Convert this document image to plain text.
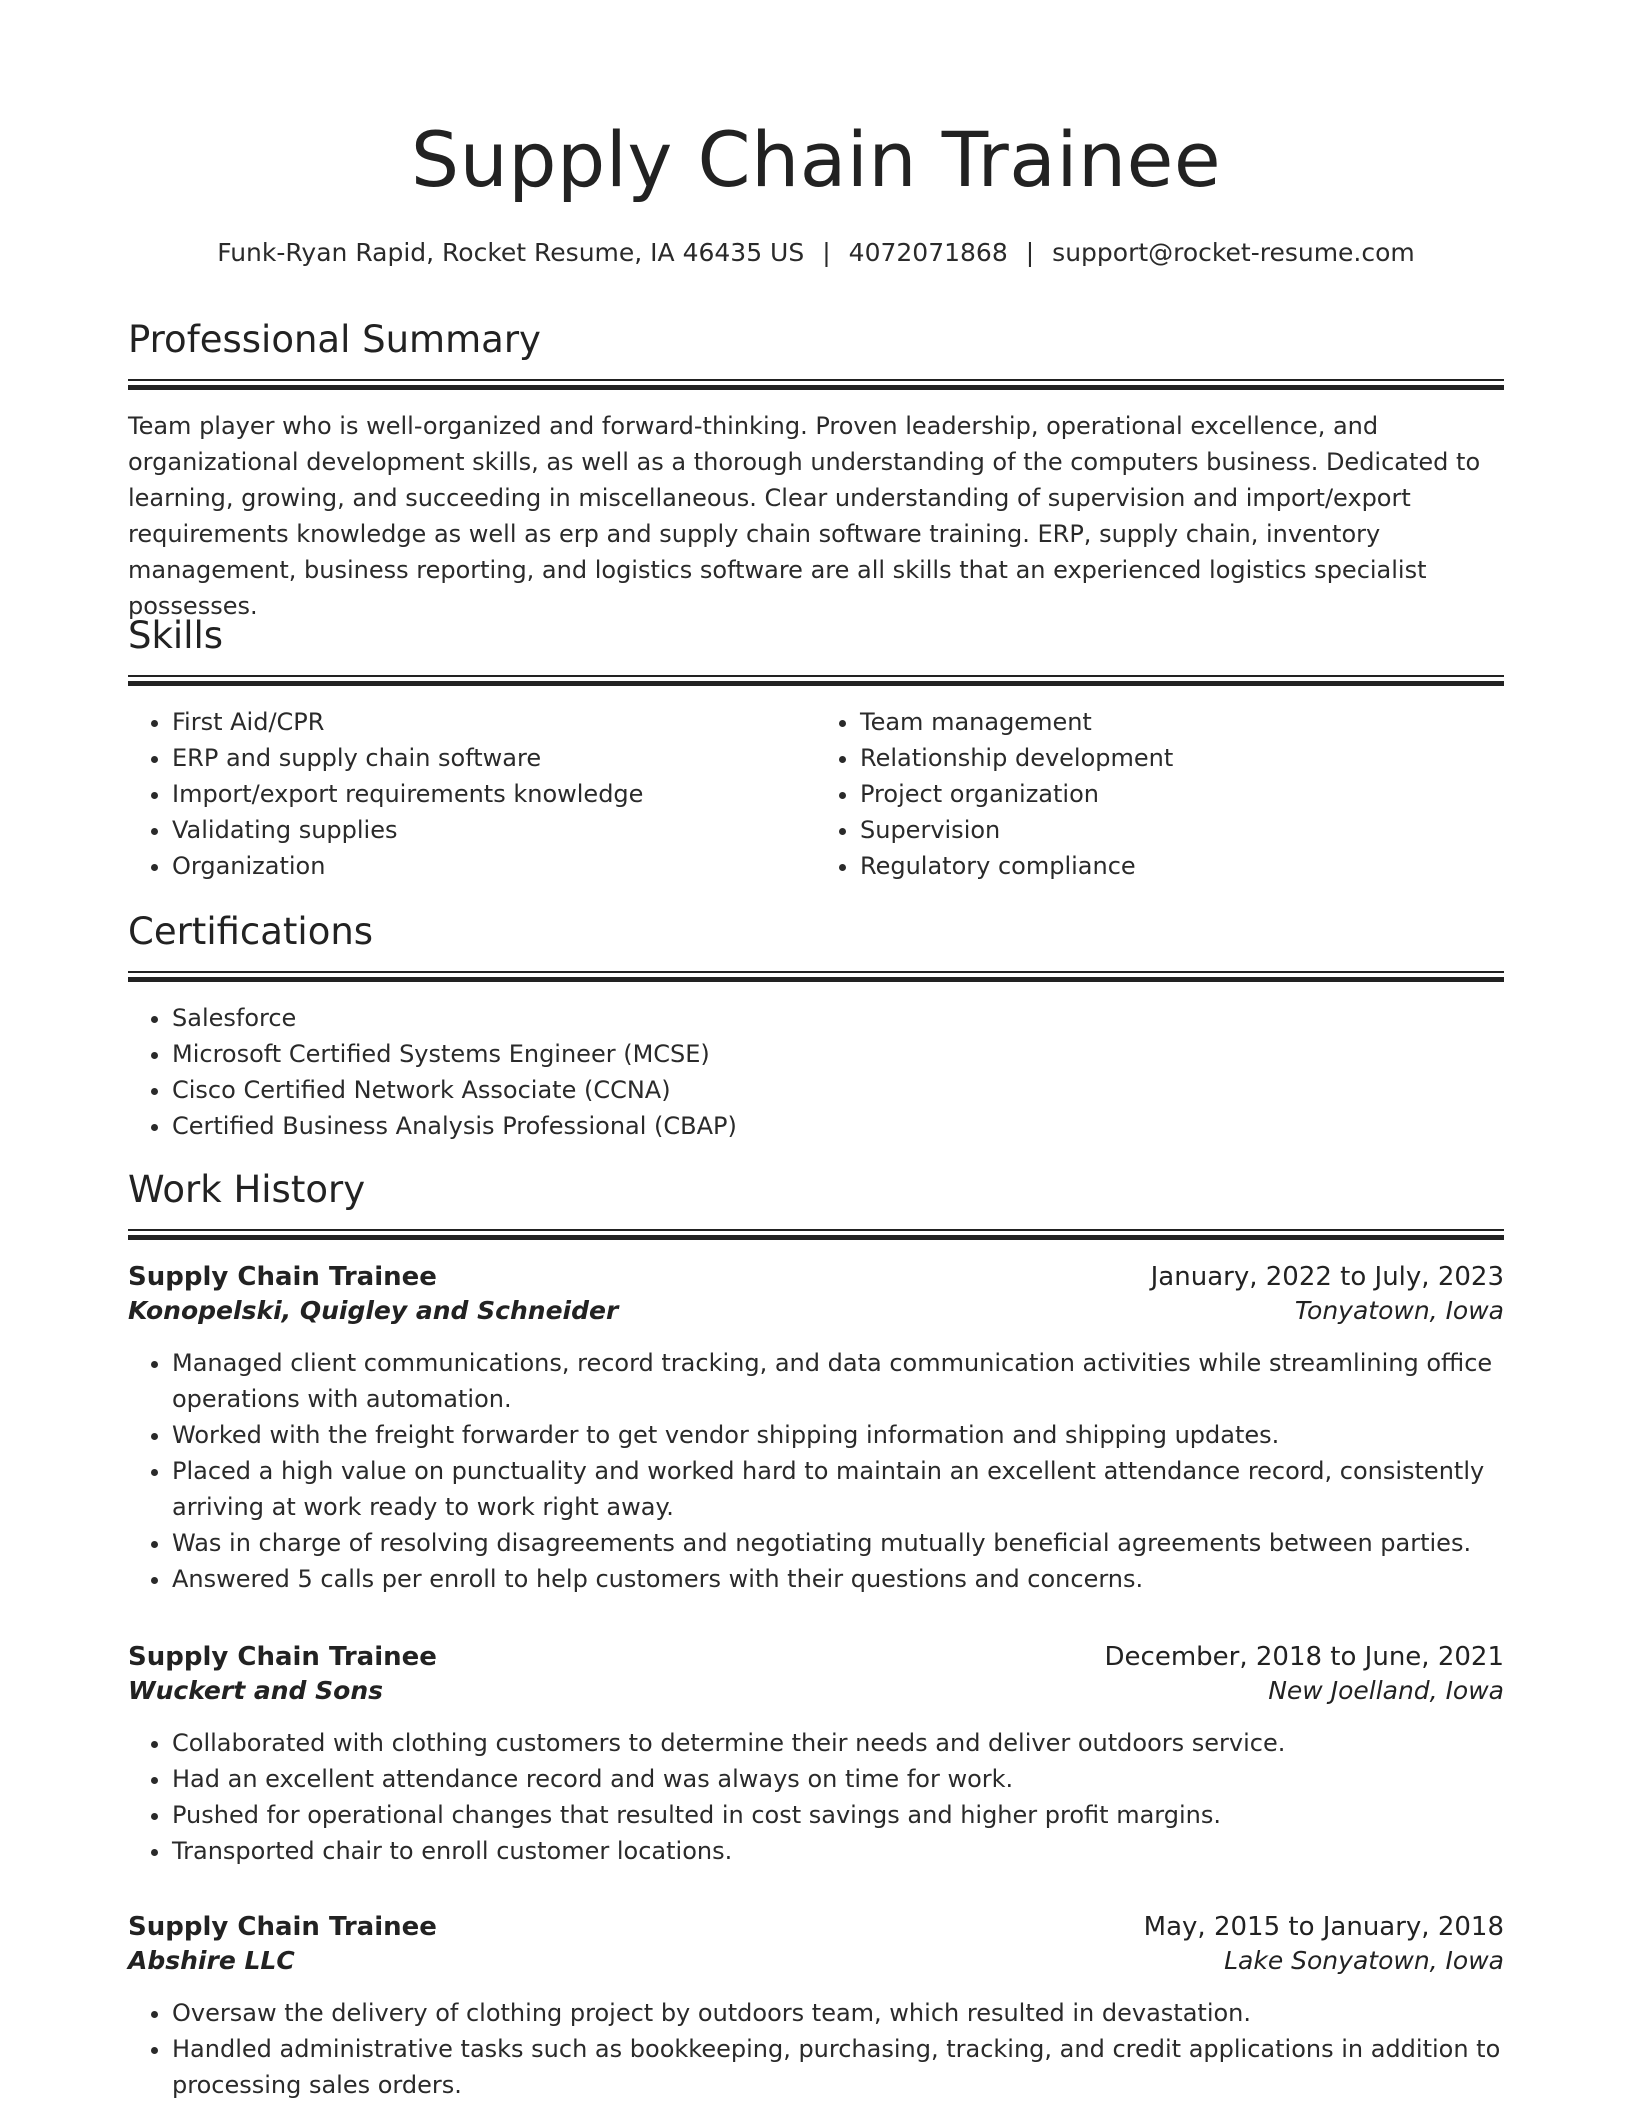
Supply Chain Trainee

Funk-Ryan Rapid, Rocket Resume, IA 46435 US | 4072071868 | support@rocket-resume.com

Professional Summary

Team player who is well-organized and forward-thinking. Proven leadership, operational excellence, and organizational development skills, as well as a thorough understanding of the computers business. Dedicated to learning, growing, and succeeding in miscellaneous. Clear understanding of supervision and import/export requirements knowledge as well as erp and supply chain software training. ERP, supply chain, inventory management, business reporting, and logistics software are all skills that an experienced logistics specialist possesses.

Skills
• First Aid/CPR
• ERP and supply chain software
• Import/export requirements knowledge
• Validating supplies
• Organization
• Team management
• Relationship development
• Project organization
• Supervision
• Regulatory compliance
Certifications
• Salesforce
• Microsoft Certified Systems Engineer (MCSE)
• Cisco Certified Network Associate (CCNA)
• Certified Business Analysis Professional (CBAP)
Work History
Supply Chain Trainee	January, 2022 to July, 2023
Konopelski, Quigley and Schneider	Tonyatown, Iowa
• Managed client communications, record tracking, and data communication activities while streamlining office operations with automation.
• Worked with the freight forwarder to get vendor shipping information and shipping updates.
• Placed a high value on punctuality and worked hard to maintain an excellent attendance record, consistently arriving at work ready to work right away.
• Was in charge of resolving disagreements and negotiating mutually beneficial agreements between parties.
• Answered 5 calls per enroll to help customers with their questions and concerns.
Supply Chain Trainee	December, 2018 to June, 2021
Wuckert and Sons	New Joelland, Iowa
• Collaborated with clothing customers to determine their needs and deliver outdoors service.
• Had an excellent attendance record and was always on time for work.
• Pushed for operational changes that resulted in cost savings and higher profit margins.
• Transported chair to enroll customer locations.
Supply Chain Trainee	May, 2015 to January, 2018
Abshire LLC	Lake Sonyatown, Iowa
• Oversaw the delivery of clothing project by outdoors team, which resulted in devastation.
• Handled administrative tasks such as bookkeeping, purchasing, tracking, and credit applications in addition to processing sales orders.
